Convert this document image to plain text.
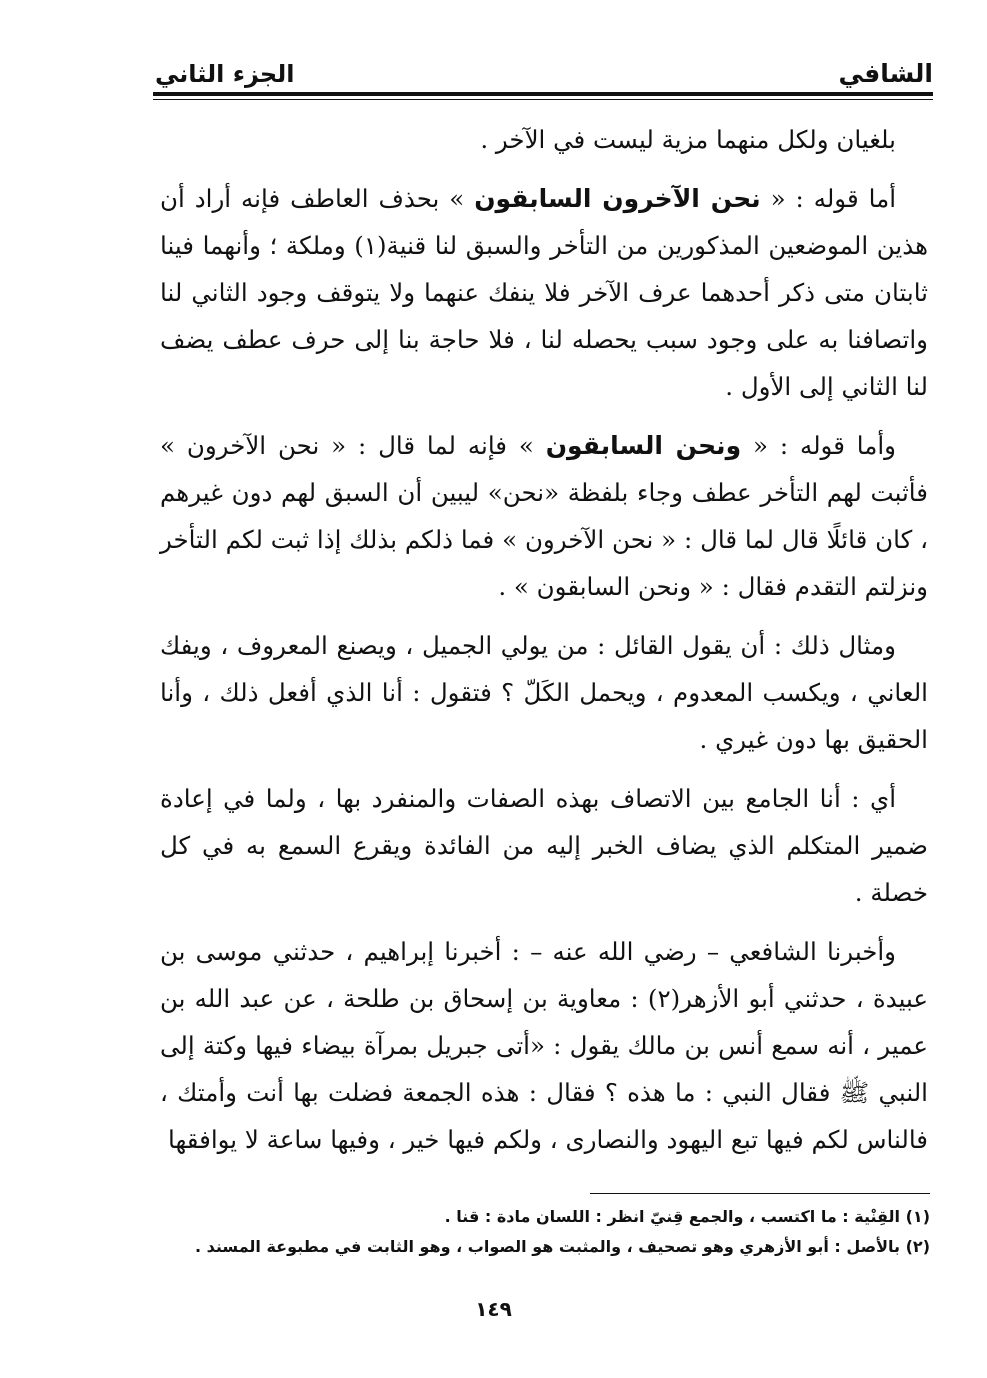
الشافي
الجزء الثاني

بلغيان ولكل منهما مزية ليست في الآخر .

أما قوله : « نحن الآخرون السابقون » بحذف العاطف فإنه أراد أن هذين الموضعين المذكورين من التأخر والسبق لنا قنية(١) وملكة ؛ وأنهما فينا ثابتان متى ذكر أحدهما عرف الآخر فلا ينفك عنهما ولا يتوقف وجود الثاني لنا واتصافنا به على وجود سبب يحصله لنا ، فلا حاجة بنا إلى حرف عطف يضف لنا الثاني إلى الأول .

وأما قوله : « ونحن السابقون » فإنه لما قال : « نحن الآخرون » فأثبت لهم التأخر عطف وجاء بلفظة «نحن» ليبين أن السبق لهم دون غيرهم ، كان قائلًا قال لما قال : « نحن الآخرون » فما ذلكم بذلك إذا ثبت لكم التأخر ونزلتم التقدم فقال : « ونحن السابقون » .

ومثال ذلك : أن يقول القائل : من يولي الجميل ، ويصنع المعروف ، ويفك العاني ، ويكسب المعدوم ، ويحمل الكَلّ ؟ فتقول : أنا الذي أفعل ذلك ، وأنا الحقيق بها دون غيري .

أي : أنا الجامع بين الاتصاف بهذه الصفات والمنفرد بها ، ولما في إعادة ضمير المتكلم الذي يضاف الخبر إليه من الفائدة ويقرع السمع به في كل خصلة .

وأخبرنا الشافعي – رضي الله عنه – : أخبرنا إبراهيم ، حدثني موسى بن عبيدة ، حدثني أبو الأزهر(٢) : معاوية بن إسحاق بن طلحة ، عن عبد الله بن عمير ، أنه سمع أنس بن مالك يقول : «أتى جبريل بمرآة بيضاء فيها وكتة إلى النبي ﷺ فقال النبي : ما هذه ؟ فقال : هذه الجمعة فضلت بها أنت وأمتك ، فالناس لكم فيها تبع اليهود والنصارى ، ولكم فيها خير ، وفيها ساعة لا يوافقها

(١) القِنْية : ما اكتسب ، والجمع قِنيّ انظر : اللسان مادة : قنا .
(٢) بالأصل : أبو الأزهري وهو تصحيف ، والمثبت هو الصواب ، وهو الثابت في مطبوعة المسند .
١٤٩
